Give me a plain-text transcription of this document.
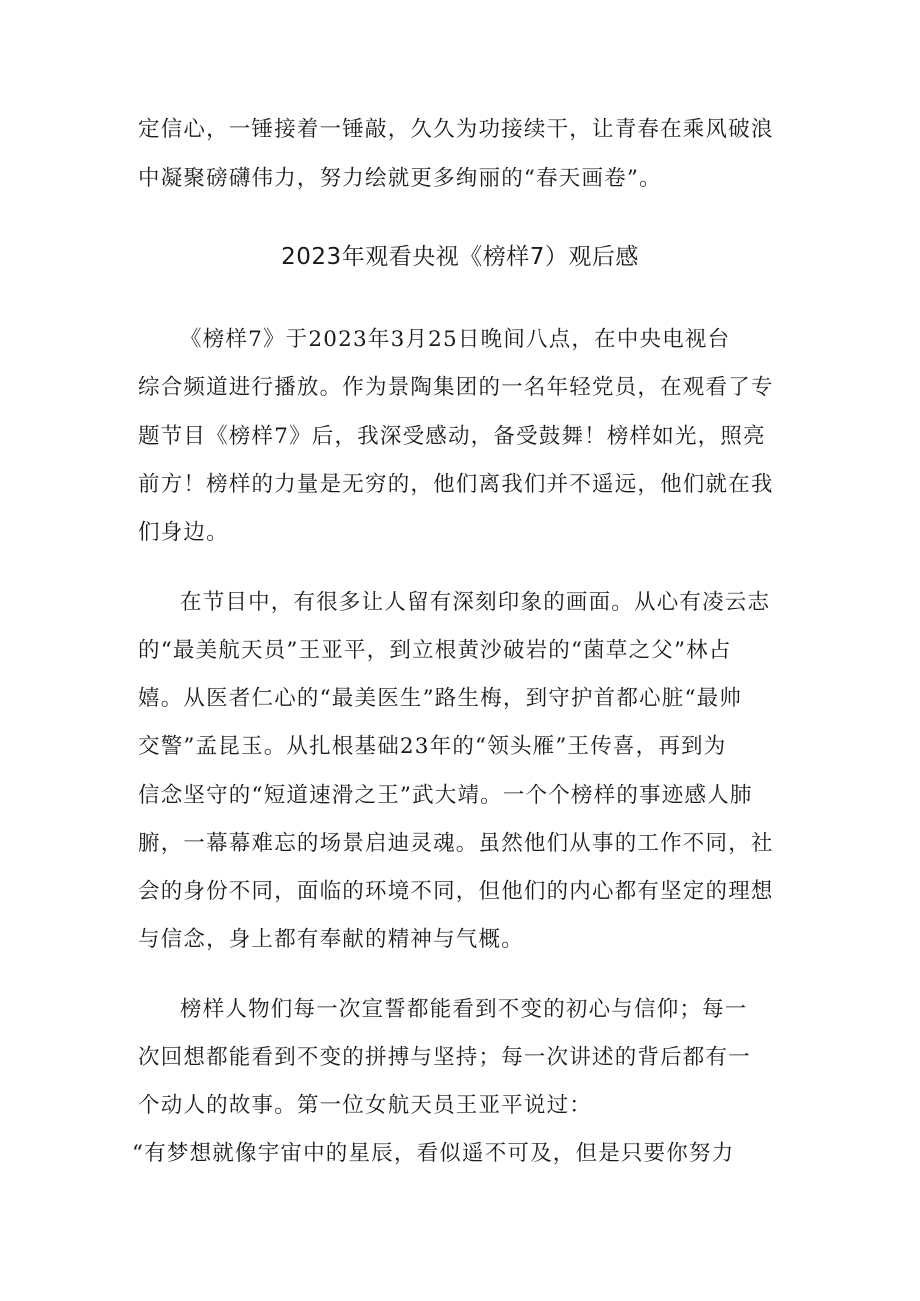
定信心，一锤接着一锤敲，久久为功接续干，让青春在乘风破浪
中凝聚磅礴伟力，努力绘就更多绚丽的“春天画卷”。
2023年观看央视《榜样7）观后感
《榜样7》于2023年3月25日晚间八点，在中央电视台
综合频道进行播放。作为景陶集团的一名年轻党员，在观看了专
题节目《榜样7》后，我深受感动，备受鼓舞！榜样如光，照亮
前方！榜样的力量是无穷的，他们离我们并不遥远，他们就在我
们身边。
在节目中，有很多让人留有深刻印象的画面。从心有凌云志
的“最美航天员”王亚平，到立根黄沙破岩的“菌草之父”林占
嬉。从医者仁心的“最美医生”路生梅，到守护首都心脏“最帅
交警”孟昆玉。从扎根基础23年的“领头雁”王传喜，再到为
信念坚守的“短道速滑之王”武大靖。一个个榜样的事迹感人肺
腑，一幕幕难忘的场景启迪灵魂。虽然他们从事的工作不同，社
会的身份不同，面临的环境不同，但他们的内心都有坚定的理想
与信念，身上都有奉献的精神与气概。
榜样人物们每一次宣誓都能看到不变的初心与信仰；每一
次回想都能看到不变的拼搏与坚持；每一次讲述的背后都有一
个动人的故事。第一位女航天员王亚平说过：
“有梦想就像宇宙中的星辰，看似遥不可及，但是只要你努力
